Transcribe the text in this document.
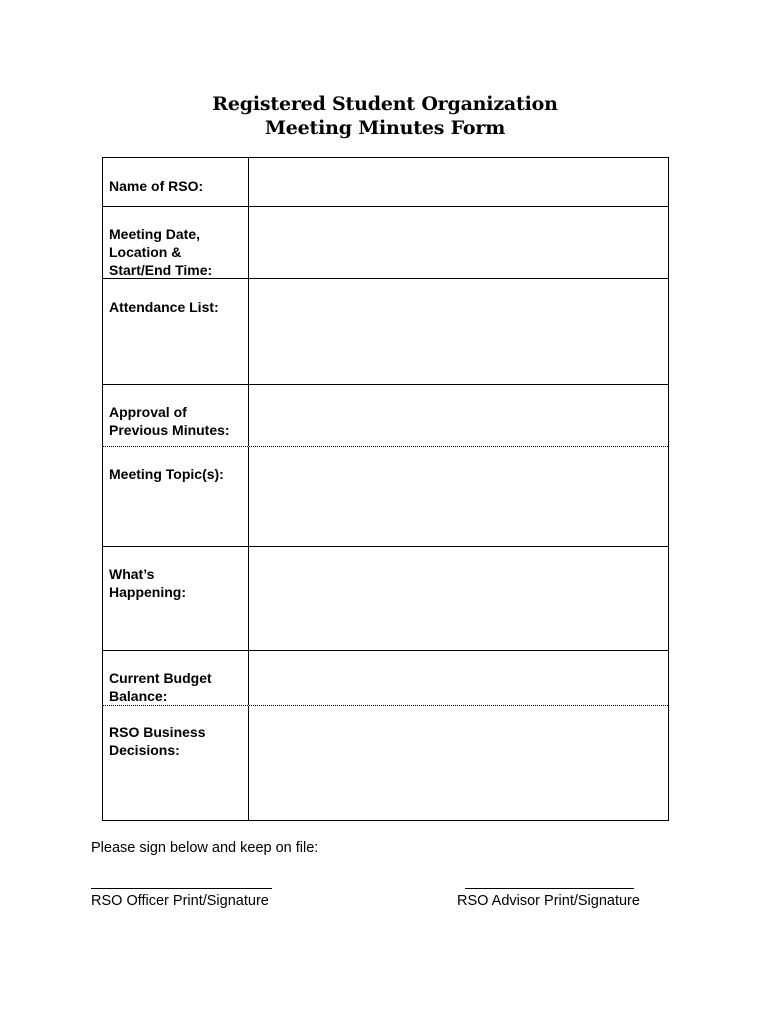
Registered Student Organization
Meeting Minutes Form
Name of RSO:
Meeting Date,
Location &
Start/End Time:
Attendance List:
Approval of
Previous Minutes:
Meeting Topic(s):
What’s
Happening:
Current Budget
Balance:
RSO Business
Decisions:
Please sign below and keep on file:
RSO Officer Print/Signature	RSO Advisor Print/Signature
